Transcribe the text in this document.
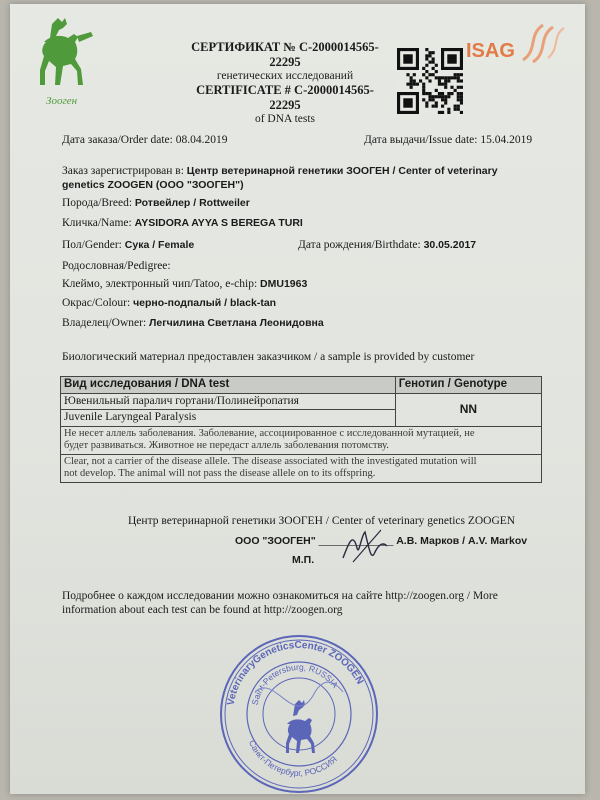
Зооген
СЕРТИФИКАТ № С-2000014565-
22295
генетических исследований
CERTIFICATE # C-2000014565-
22295
of DNA tests
ISAG
Дата заказа/Order date: 08.04.2019	Дата выдачи/Issue date: 15.04.2019
Заказ зарегистрирован в: Центр ветеринарной генетики ЗООГЕН / Center of veterinary
genetics ZOOGEN (ООО "ЗООГЕН")
Порода/Breed: Ротвейлер / Rottweiler
Кличка/Name: AYSIDORA AYYA S BEREGA TURI
Пол/Gender: Сука / Female	Дата рождения/Birthdate: 30.05.2017
Родословная/Pedigree:
Клеймо, электронный чип/Tatoo, e-chip: DMU1963
Окрас/Colour: черно-подпалый / black-tan
Владелец/Owner: Легчилина Светлана Леонидовна
Биологический материал предоставлен заказчиком / a sample is provided by customer
Вид исследования / DNA test	Генотип / Genotype
Ювенильный паралич гортани/Полинейропатия	NN
Juvenile Laryngeal Paralysis	

Не несет аллель заболевания. Заболевание, ассоциированное с исследованной мутацией, не
будет развиваться. Животное не передаст аллель заболевания потомству.	

Clear, not a carrier of the disease allele. The disease associated with the investigated mutation will
not develop. The animal will not pass the disease allele on to its offspring.	
Центр ветеринарной генетики ЗООГЕН / Center of veterinary genetics ZOOGEN
ООО "ЗООГЕН" _____________ А.В. Марков / A.V. Markov
М.П.
Подробнее о каждом исследовании можно ознакомиться на сайте http://zoogen.org / More
information about each test can be found at http://zoogen.org
VeterinaryGeneticsCenter ZOOGEN
Saint-Petersburg, RUSSIA
Санкт-Петербург, РОССИЯ
